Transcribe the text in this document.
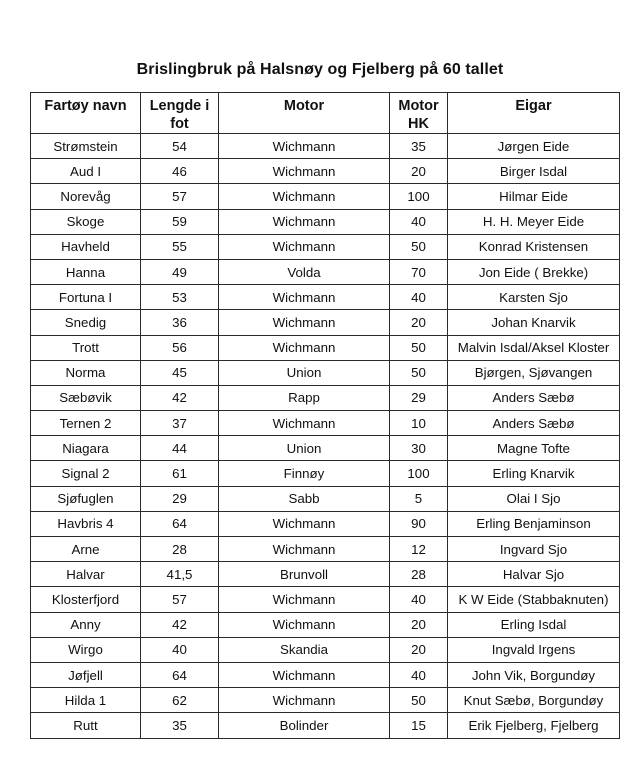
Brislingbruk på Halsnøy og Fjelberg på 60 tallet
Fartøy navn	Lengde i fot	Motor	Motor HK	Eigar
Strømstein	54	Wichmann	35	Jørgen Eide
Aud I	46	Wichmann	20	Birger Isdal
Norevåg	57	Wichmann	100	Hilmar Eide
Skoge	59	Wichmann	40	H. H. Meyer Eide
Havheld	55	Wichmann	50	Konrad Kristensen
Hanna	49	Volda	70	Jon Eide ( Brekke)
Fortuna I	53	Wichmann	40	Karsten Sjo
Snedig	36	Wichmann	20	Johan Knarvik
Trott	56	Wichmann	50	Malvin Isdal/Aksel Kloster
Norma	45	Union	50	Bjørgen, Sjøvangen
Sæbøvik	42	Rapp	29	Anders Sæbø
Ternen 2	37	Wichmann	10	Anders Sæbø
Niagara	44	Union	30	Magne Tofte
Signal 2	61	Finnøy	100	Erling Knarvik
Sjøfuglen	29	Sabb	5	Olai I Sjo
Havbris 4	64	Wichmann	90	Erling Benjaminson
Arne	28	Wichmann	12	Ingvard Sjo
Halvar	41,5	Brunvoll	28	Halvar Sjo
Klosterfjord	57	Wichmann	40	K W Eide (Stabbaknuten)
Anny	42	Wichmann	20	Erling Isdal
Wirgo	40	Skandia	20	Ingvald Irgens
Jøfjell	64	Wichmann	40	John Vik, Borgundøy
Hilda 1	62	Wichmann	50	Knut Sæbø, Borgundøy
Rutt	35	Bolinder	15	Erik Fjelberg, Fjelberg
